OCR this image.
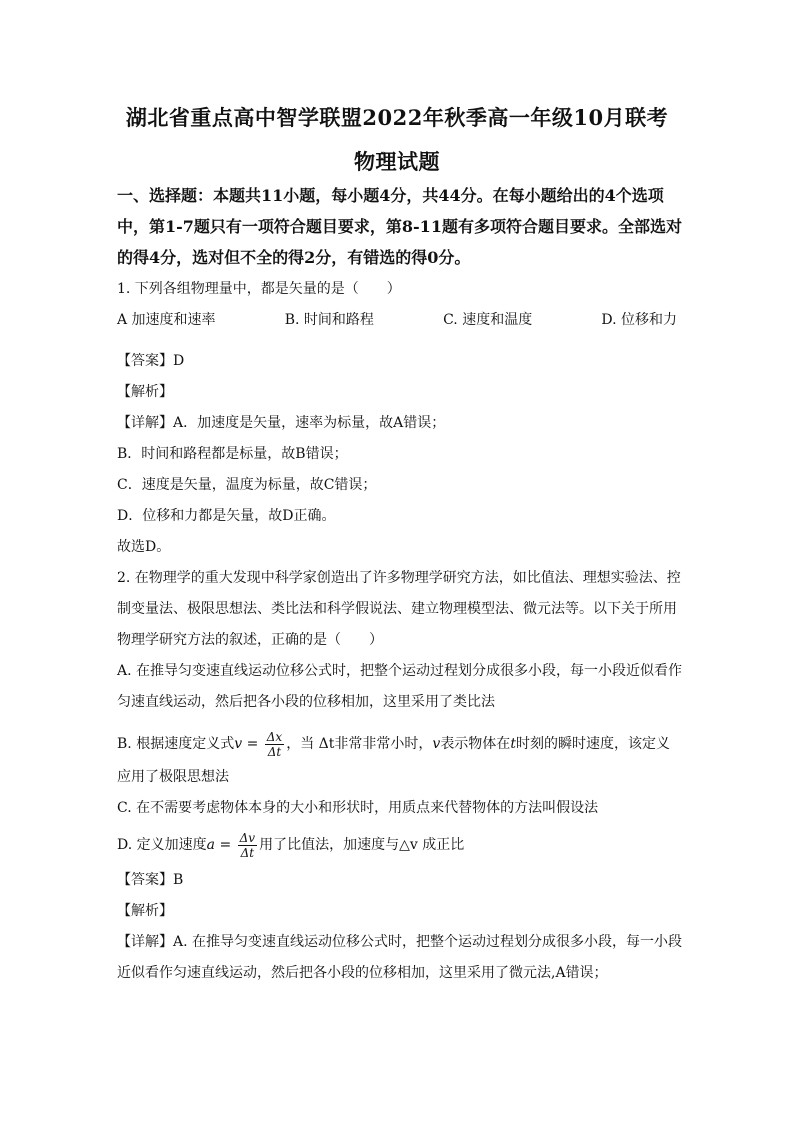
湖北省重点高中智学联盟2022年秋季高一年级10月联考
物理试题
一、选择题：本题共11小题，每小题4分，共44分。在每小题给出的4个选项
中，第1-7题只有一项符合题目要求，第8-11题有多项符合题目要求。全部选对
的得4分，选对但不全的得2分，有错选的得0分。
1. 下列各组物理量中，都是矢量的是（　　）
A 加速度和速率	B. 时间和路程	C. 速度和温度	D. 位移和力
【答案】D
【解析】
【详解】A．加速度是矢量，速率为标量，故A错误；
B．时间和路程都是标量，故B错误；
C．速度是矢量，温度为标量，故C错误；
D．位移和力都是矢量，故D正确。
故选D。
2. 在物理学的重大发现中科学家创造出了许多物理学研究方法，如比值法、理想实验法、控
制变量法、极限思想法、类比法和科学假说法、建立物理模型法、微元法等。以下关于所用
物理学研究方法的叙述，正确的是（　　）
A. 在推导匀变速直线运动位移公式时，把整个运动过程划分成很多小段，每一小段近似看作
匀速直线运动，然后把各小段的位移相加，这里采用了类比法
B. 根据速度定义式$v = \frac{\Delta x}{\Delta t}$ ，当 Δt非常非常小时，v表示物体在t时刻的瞬时速度，该定义
应用了极限思想法
C. 在不需要考虑物体本身的大小和形状时，用质点来代替物体的方法叫假设法
D. 定义加速度$a = \frac{\Delta v}{\Delta t}$ 用了比值法，加速度与△v 成正比
【答案】B
【解析】
【详解】A. 在推导匀变速直线运动位移公式时，把整个运动过程划分成很多小段，每一小段
近似看作匀速直线运动，然后把各小段的位移相加，这里采用了微元法,A错误；
